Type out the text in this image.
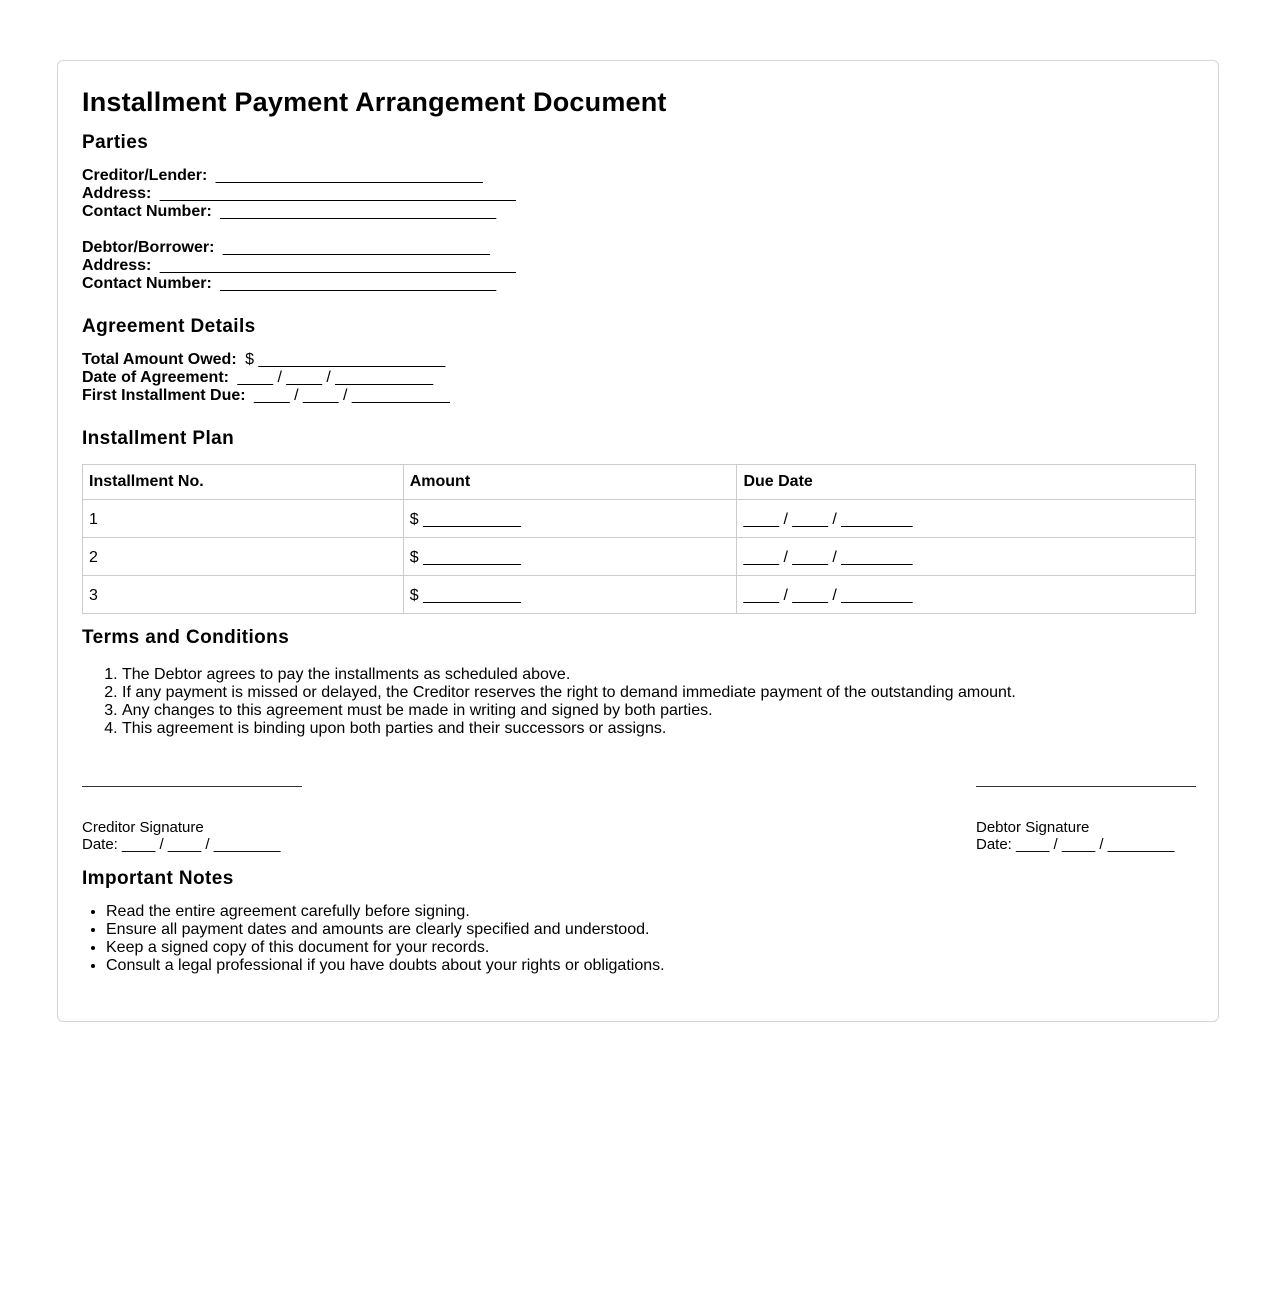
Installment Payment Arrangement Document
Parties
Creditor/Lender: ______________________________
Address: ________________________________________
Contact Number: _______________________________
Debtor/Borrower: ______________________________
Address: ________________________________________
Contact Number: _______________________________
Agreement Details
Total Amount Owed: $ _____________________
Date of Agreement: ____ / ____ / ___________
First Installment Due: ____ / ____ / ___________
Installment Plan
Installment No.	Amount	Due Date
1	$ ___________	____ / ____ / ________
2	$ ___________	____ / ____ / ________
3	$ ___________	____ / ____ / ________
Terms and Conditions
1. The Debtor agrees to pay the installments as scheduled above.
2. If any payment is missed or delayed, the Creditor reserves the right to demand immediate payment of the outstanding amount.
3. Any changes to this agreement must be made in writing and signed by both parties.
4. This agreement is binding upon both parties and their successors or assigns.
Creditor Signature
Date: ____ / ____ / ________
Debtor Signature
Date: ____ / ____ / ________
Important Notes
• Read the entire agreement carefully before signing.
• Ensure all payment dates and amounts are clearly specified and understood.
• Keep a signed copy of this document for your records.
• Consult a legal professional if you have doubts about your rights or obligations.
